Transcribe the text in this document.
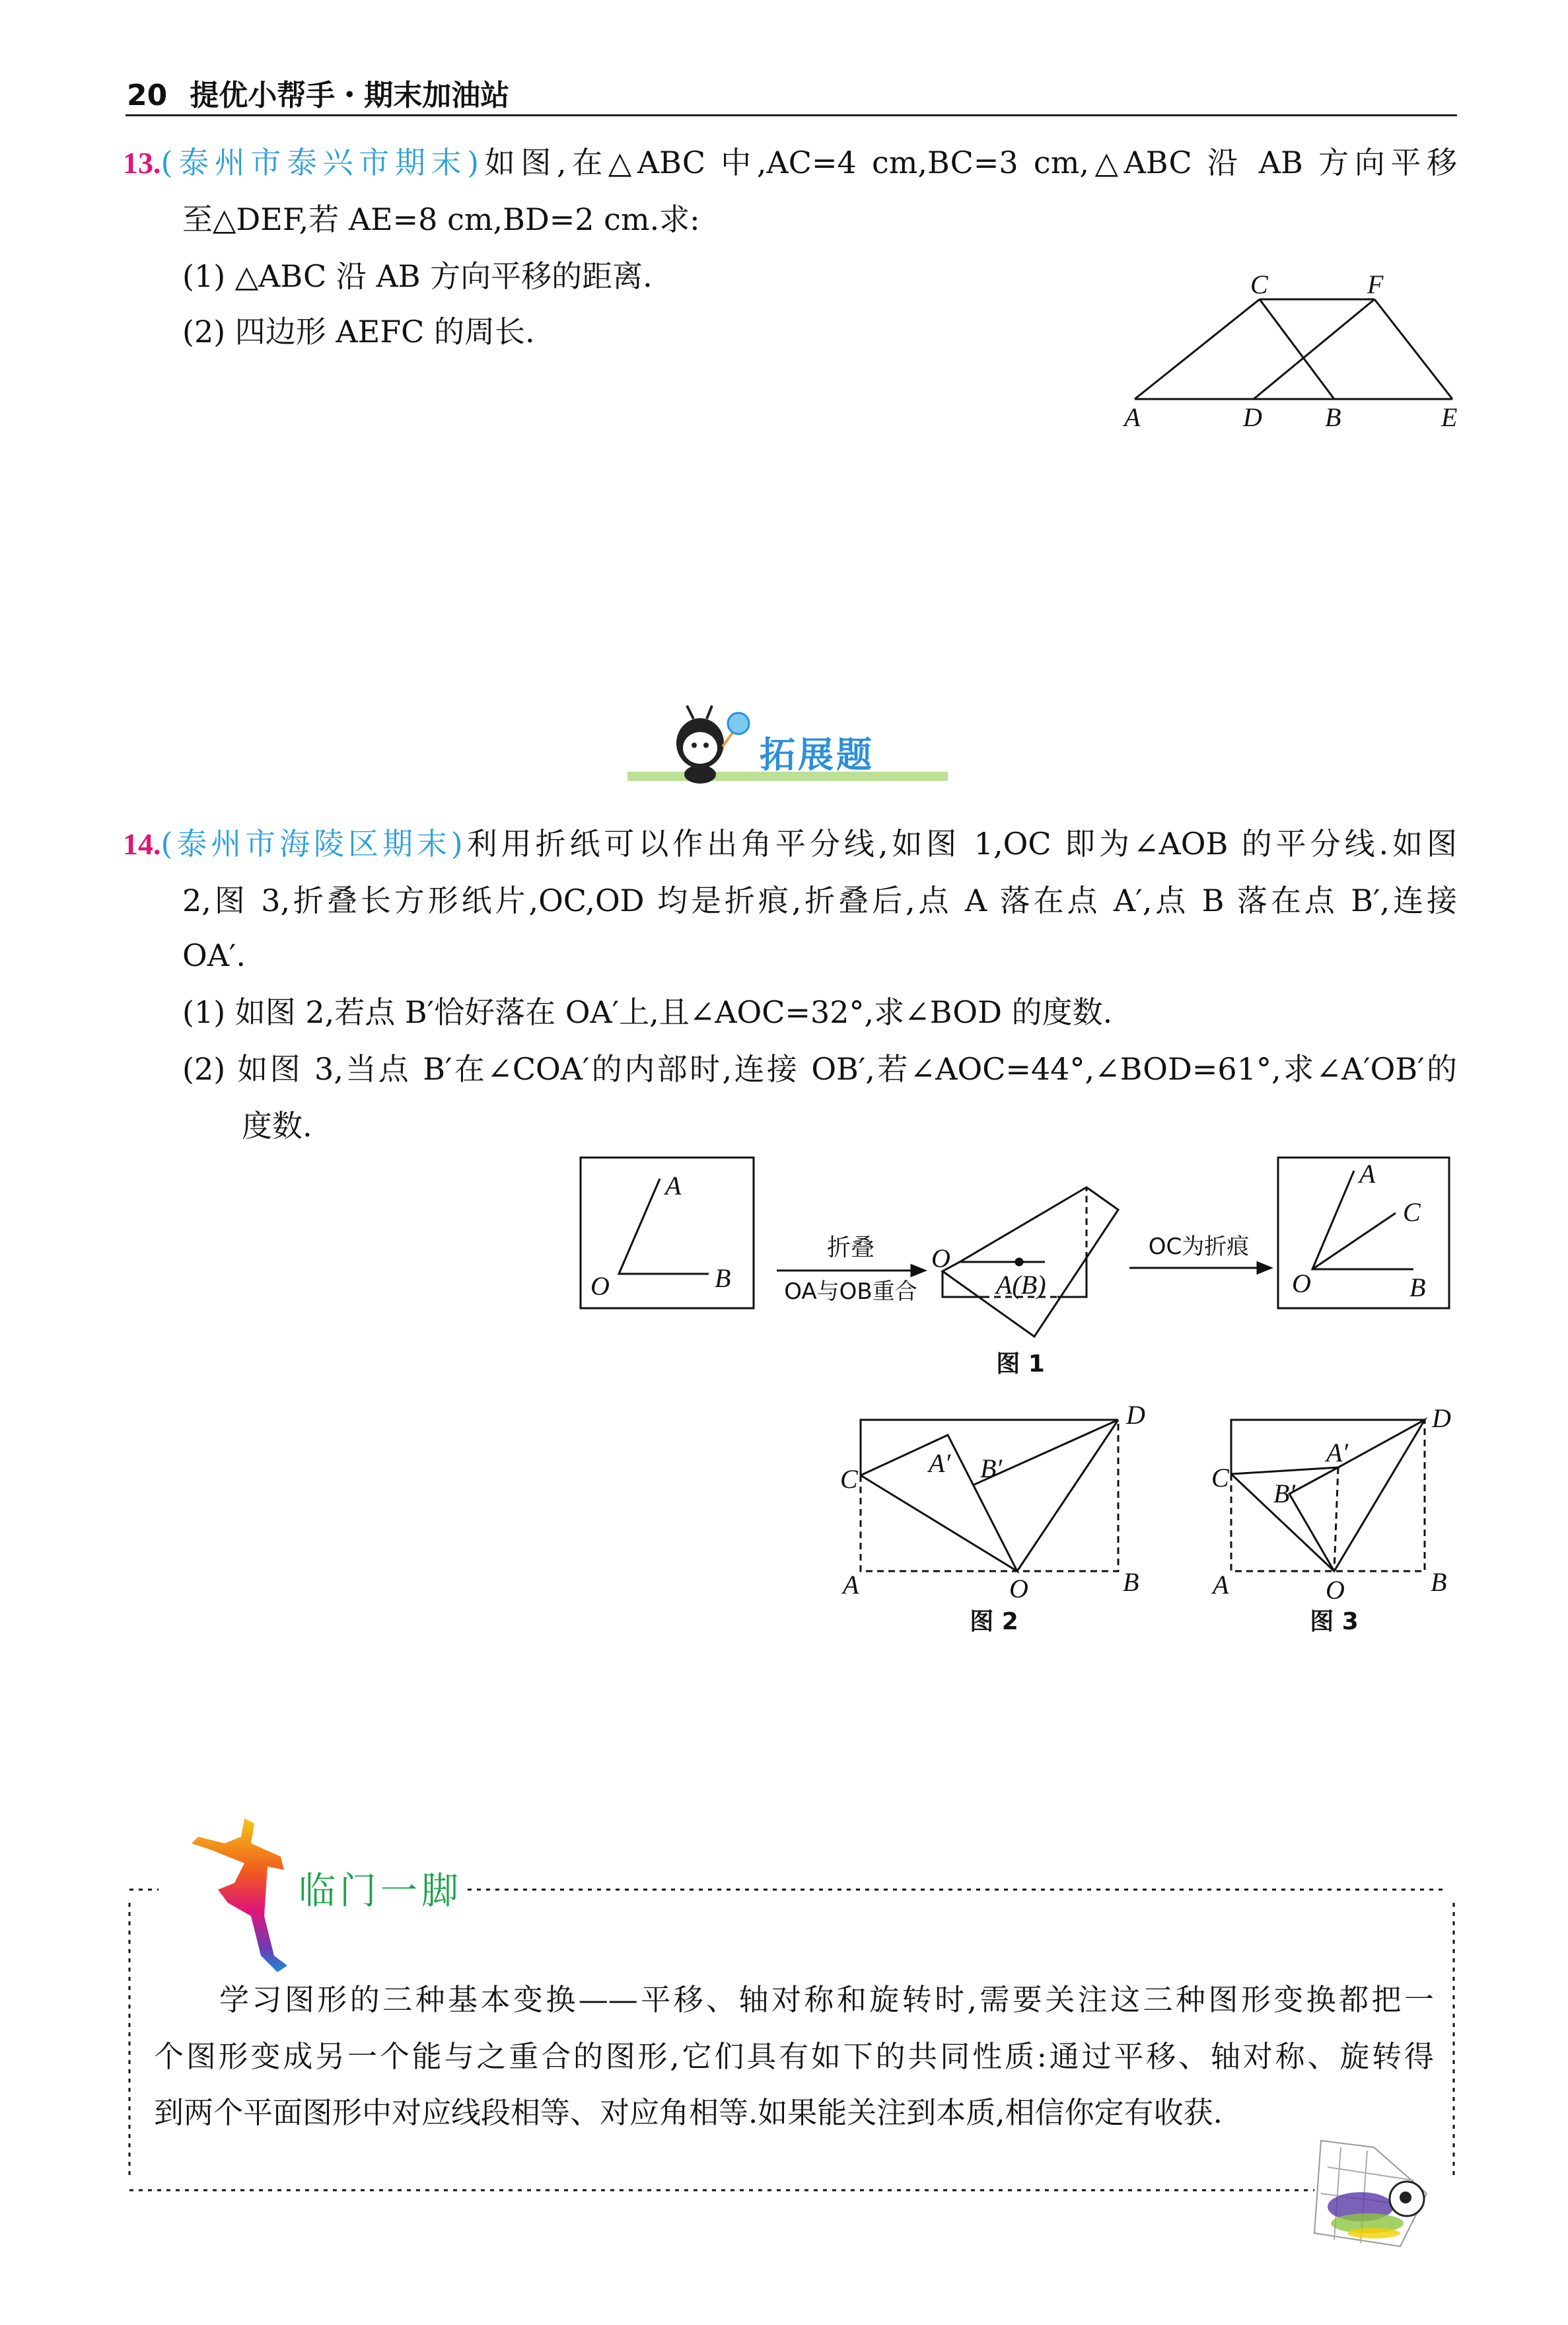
20 提优小帮手・期末加油站
13.(泰州市泰兴市期末)如图,在△ABC 中,AC=4 cm,BC=3 cm,△ABC 沿 AB 方向平移
至△DEF,若 AE=8 cm,BD=2 cm.求:
(1) △ABC 沿 AB 方向平移的距离.
(2) 四边形 AEFC 的周长.
C	F
A	D B	E
A
O	B
折叠
OA与OB重合
O
A(B)
OC为折痕
A
C
O	B
图 1
D
A′ B′
C
A	O	B
图 2
D
A′
C
B′
A	O	B
图 3
拓展题
14.(泰州市海陵区期末)利用折纸可以作出角平分线,如图 1,OC 即为∠AOB 的平分线.如图
2,图 3,折叠长方形纸片,OC,OD 均是折痕,折叠后,点 A 落在点 A′,点 B 落在点 B′,连接
OA′.
(1) 如图 2,若点 B′恰好落在 OA′上,且∠AOC=32°,求∠BOD 的度数.
(2) 如图 3,当点 B′在∠COA′的内部时,连接 OB′,若∠AOC=44°,∠BOD=61°,求∠A′OB′的
度数.
临门一脚
学习图形的三种基本变换——平移、轴对称和旋转时,需要关注这三种图形变换都把一
个图形变成另一个能与之重合的图形,它们具有如下的共同性质:通过平移、轴对称、旋转得
到两个平面图形中对应线段相等、对应角相等.如果能关注到本质,相信你定有收获.
